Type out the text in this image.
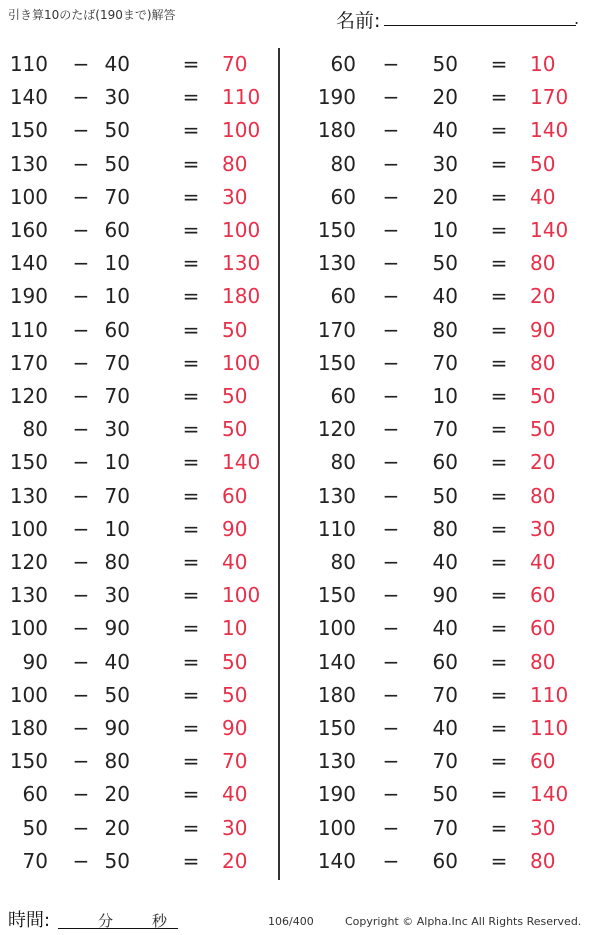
引き算10のたば(190まで)解答	名前:	.
110	− 40	=	70
140	− 30	=	110
150	− 50	=	100
130	− 50	=	80
100	− 70	=	30
160	− 60	=	100
140	− 10	=	130
190	− 10	=	180
110	− 60	=	50
170	− 70	=	100
120	− 70	=	50
80	− 30	=	50
150	− 10	=	140
130	− 70	=	60
100	− 10	=	90
120	− 80	=	40
130	− 30	=	100
100	− 90	=	10
90	− 40	=	50
100	− 50	=	50
180	− 90	=	90
150	− 80	=	70
60	− 20	=	40
50	− 20	=	30
70	− 50	=	20
60	−	50	=	10
190	−	20	=	170
180	−	40	=	140
80	−	30	=	50
60	−	20	=	40
150	−	10	=	140
130	−	50	=	80
60	−	40	=	20
170	−	80	=	90
150	−	70	=	80
60	−	10	=	50
120	−	70	=	50
80	−	60	=	20
130	−	50	=	80
110	−	80	=	30
80	−	40	=	40
150	−	90	=	60
100	−	40	=	60
140	−	60	=	80
180	−	70	=	110
150	−	40	=	110
130	−	70	=	60
190	−	50	=	140
100	−	70	=	30
140	−	60	=	80
時間:	分	秒	106/400	Copyright © Alpha.Inc All Rights Reserved.
